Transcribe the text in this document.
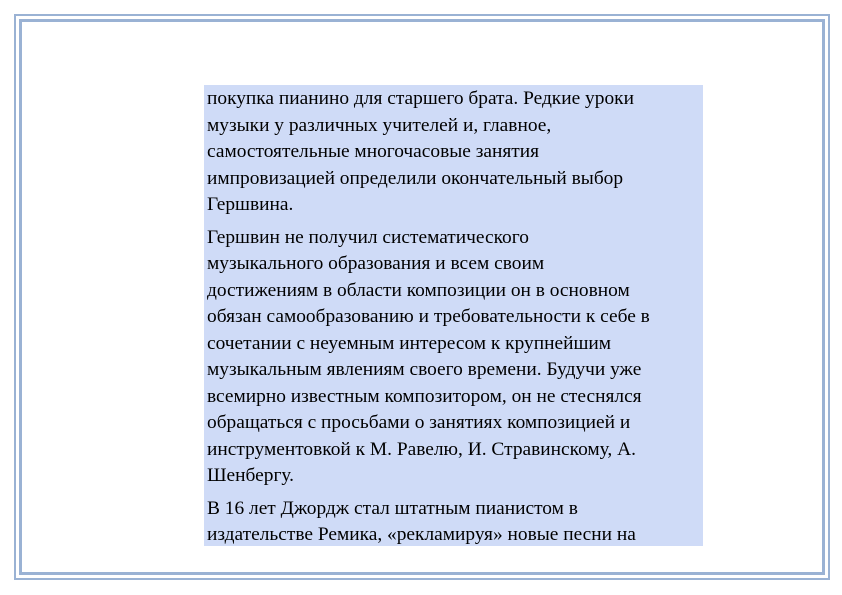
покупка пианино для старшего брата. Редкие уроки
музыки у различных учителей и, главное,
самостоятельные многочасовые занятия
импровизацией определили окончательный выбор
Гершвина.

Гершвин не получил систематического
музыкального образования и всем своим
достижениям в области композиции он в основном
обязан самообразованию и требовательности к себе в
сочетании с неуемным интересом к крупнейшим
музыкальным явлениям своего времени. Будучи уже
всемирно известным композитором, он не стеснялся
обращаться с просьбами о занятиях композицией и
инструментовкой к М. Равелю, И. Стравинскому, А.
Шенбергу.

В 16 лет Джордж стал штатным пианистом в
издательстве Ремика, «рекламируя» новые песни на
